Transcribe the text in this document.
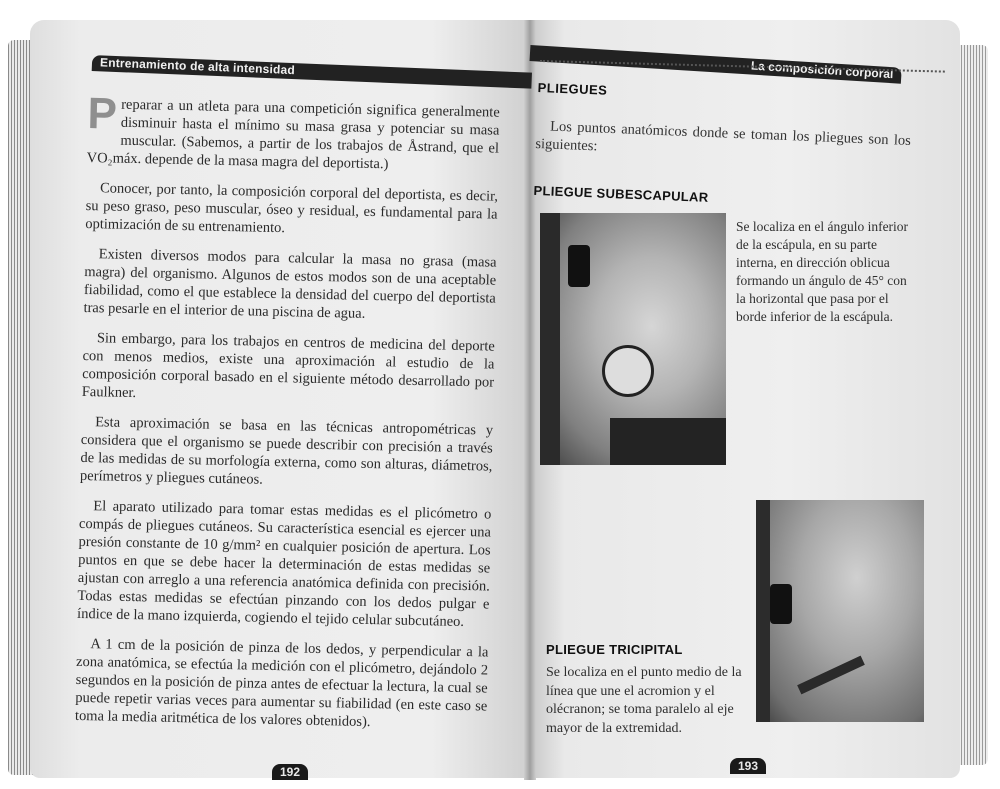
Entrenamiento de alta intensidad	La composición corporal

Preparar a un atleta para una competición significa generalmente disminuir hasta el mínimo su masa grasa y potenciar su masa muscular. (Sabemos, a partir de los trabajos de Åstrand, que el VO₂máx. depende de la masa magra del deportista.)

Conocer, por tanto, la composición corporal del deportista, es decir, su peso graso, peso muscular, óseo y residual, es fundamental para la optimización de su entrenamiento.

Existen diversos modos para calcular la masa no grasa (masa magra) del organismo. Algunos de estos modos son de una aceptable fiabilidad, como el que establece la densidad del cuerpo del deportista tras pesarle en el interior de una piscina de agua.

Sin embargo, para los trabajos en centros de medicina del deporte con menos medios, existe una aproximación al estudio de la composición corporal basado en el siguiente método desarrollado por Faulkner.

Esta aproximación se basa en las técnicas antropométricas y considera que el organismo se puede describir con precisión a través de las medidas de su morfología externa, como son alturas, diámetros, perímetros y pliegues cutáneos.

El aparato utilizado para tomar estas medidas es el plicómetro o compás de pliegues cutáneos. Su característica esencial es ejercer una presión constante de 10 g/mm² en cualquier posición de apertura. Los puntos en que se debe hacer la determinación de estas medidas se ajustan con arreglo a una referencia anatómica definida con precisión. Todas estas medidas se efectúan pinzando con los dedos pulgar e índice de la mano izquierda, cogiendo el tejido celular subcutáneo.

A 1 cm de la posición de pinza de los dedos, y perpendicular a la zona anatómica, se efectúa la medición con el plicómetro, dejándolo 2 segundos en la posición de pinza antes de efectuar la lectura, la cual se puede repetir varias veces para aumentar su fiabilidad (en este caso se toma la media aritmética de los valores obtenidos).

PLIEGUES
Los puntos anatómicos donde se toman los pliegues son los siguientes:
PLIEGUE SUBESCAPULAR
Se localiza en el ángulo inferior de la escápula, en su parte interna, en dirección oblicua formando un ángulo de 45° con la horizontal que pasa por el borde inferior de la escápula.
PLIEGUE TRICIPITAL
Se localiza en el punto medio de la línea que une el acromion y el olécranon; se toma paralelo al eje mayor de la extremidad.
192	193
